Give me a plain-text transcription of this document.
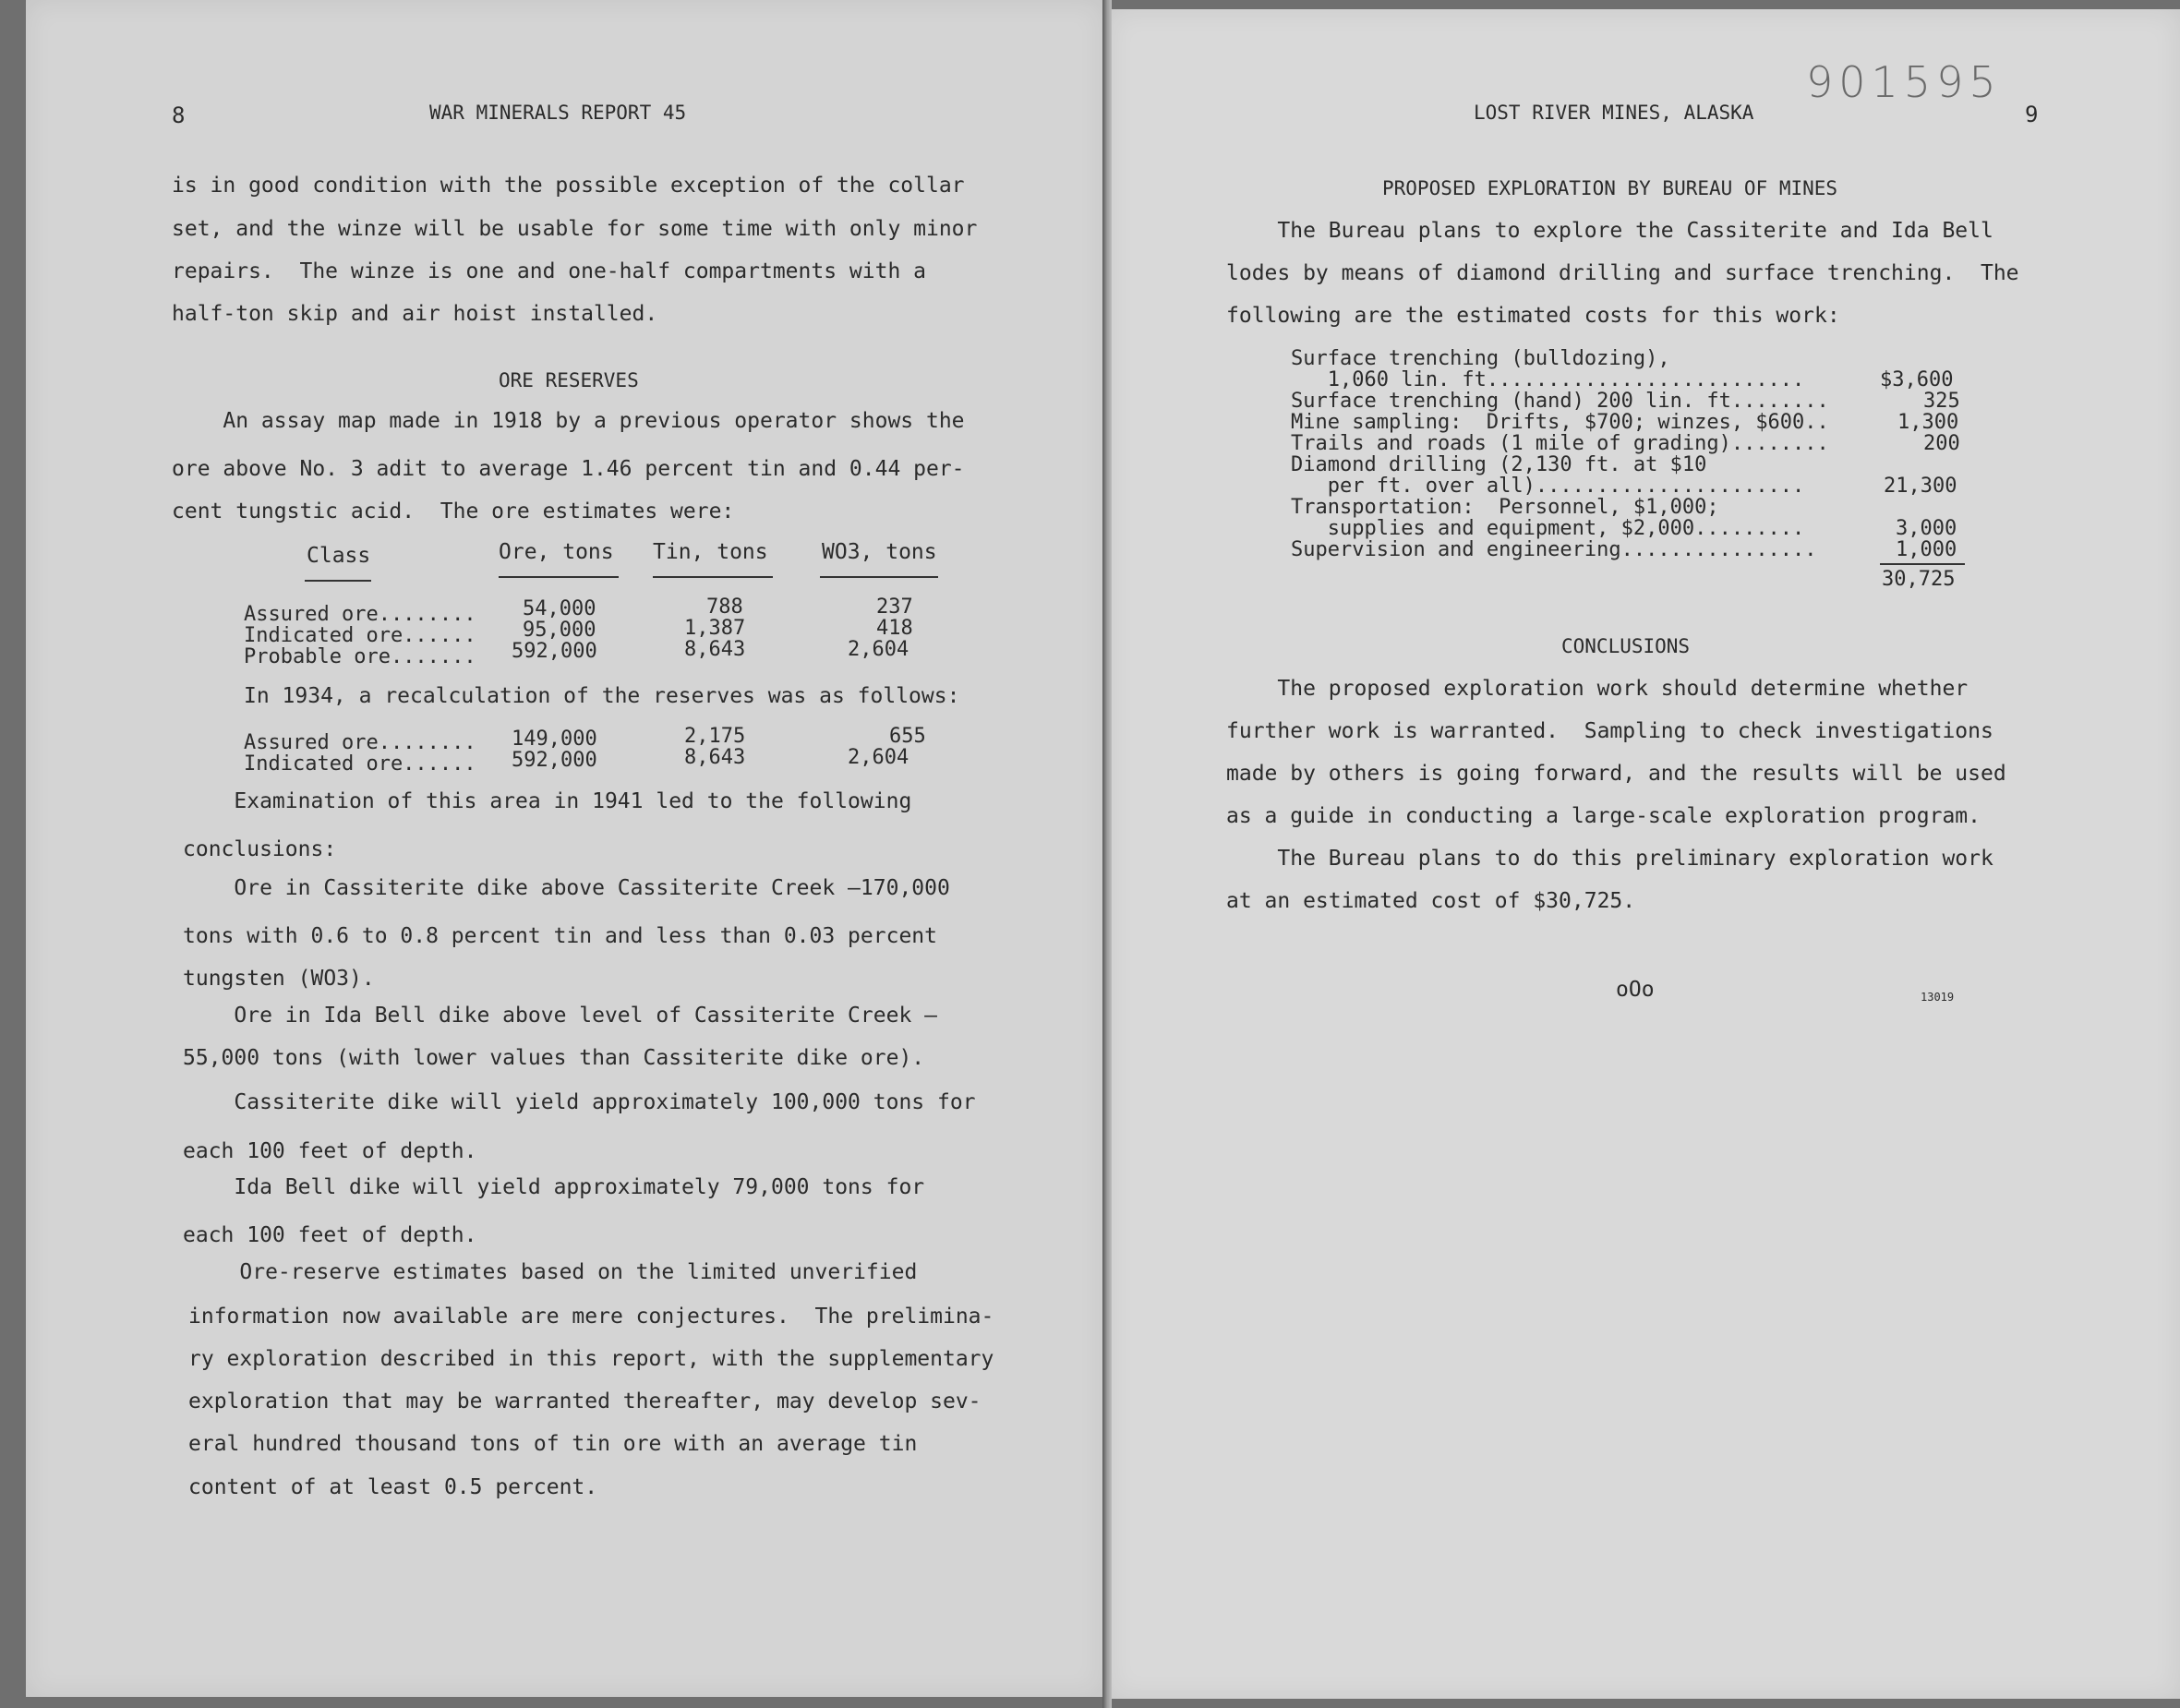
8	WAR MINERALS REPORT 45
is in good condition with the possible exception of the collar
set, and the winze will be usable for some time with only minor
repairs.  The winze is one and one-half compartments with a
half-ton skip and air hoist installed.
ORE RESERVES
An assay map made in 1918 by a previous operator shows the
ore above No. 3 adit to average 1.46 percent tin and 0.44 per-
cent tungstic acid.  The ore estimates were:
Class	Ore, tons Tin, tons	WO3, tons
Assured ore........ 54,000	788	237
Indicated ore...... 95,000	1,387	418
Probable ore....... 592,000	8,643	2,604
In 1934, a recalculation of the reserves was as follows:
Assured ore........ 149,000	2,175	655
Indicated ore...... 592,000	8,643	2,604
Examination of this area in 1941 led to the following
conclusions:
Ore in Cassiterite dike above Cassiterite Creek —170,000
tons with 0.6 to 0.8 percent tin and less than 0.03 percent
tungsten (WO3).
Ore in Ida Bell dike above level of Cassiterite Creek —
55,000 tons (with lower values than Cassiterite dike ore).
Cassiterite dike will yield approximately 100,000 tons for
each 100 feet of depth.
Ida Bell dike will yield approximately 79,000 tons for
each 100 feet of depth.
Ore-reserve estimates based on the limited unverified
information now available are mere conjectures.  The prelimina-
ry exploration described in this report, with the supplementary
exploration that may be warranted thereafter, may develop sev-
eral hundred thousand tons of tin ore with an average tin
content of at least 0.5 percent.
901595
LOST RIVER MINES, ALASKA	9
PROPOSED EXPLORATION BY BUREAU OF MINES
The Bureau plans to explore the Cassiterite and Ida Bell
lodes by means of diamond drilling and surface trenching.  The
following are the estimated costs for this work:
Surface trenching (bulldozing),
1,060 lin. ft..........................	$3,600
Surface trenching (hand) 200 lin. ft........	325
Mine sampling:  Drifts, $700; winzes, $600..	1,300
Trails and roads (1 mile of grading)........	200
Diamond drilling (2,130 ft. at $10
per ft. over all)......................	21,300
Transportation:  Personnel, $1,000;
supplies and equipment, $2,000.........	3,000
Supervision and engineering................	1,000
30,725
CONCLUSIONS
The proposed exploration work should determine whether
further work is warranted.  Sampling to check investigations
made by others is going forward, and the results will be used
as a guide in conducting a large-scale exploration program.
The Bureau plans to do this preliminary exploration work
at an estimated cost of $30,725.
oOo	13019
